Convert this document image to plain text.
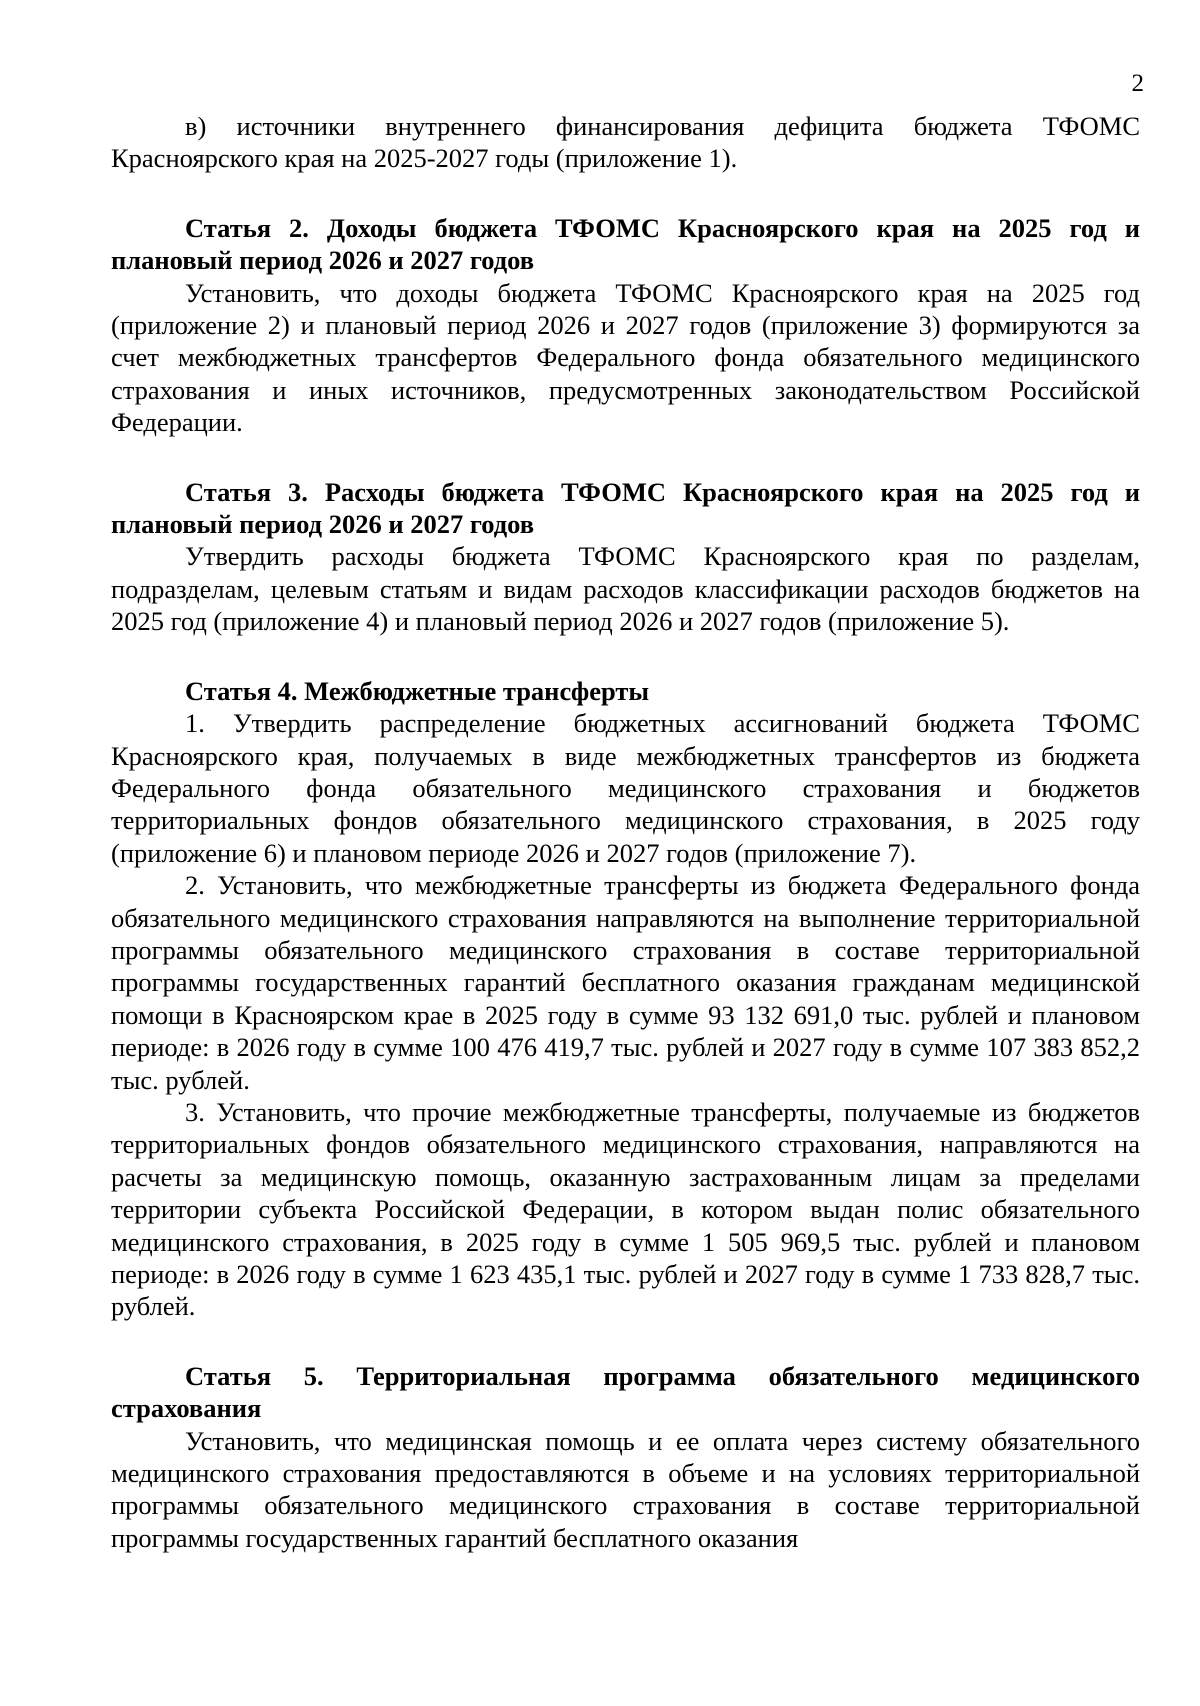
2

в) источники внутреннего финансирования дефицита бюджета ТФОМС Красноярского края на 2025-2027 годы (приложение 1).

Статья 2. Доходы бюджета ТФОМС Красноярского края на 2025 год и плановый период 2026 и 2027 годов

Установить, что доходы бюджета ТФОМС Красноярского края на 2025 год (приложение 2) и плановый период 2026 и 2027 годов (приложение 3) формируются за счет межбюджетных трансфертов Федерального фонда обязательного медицинского страхования и иных источников, предусмотренных законодательством Российской Федерации.

Статья 3. Расходы бюджета ТФОМС Красноярского края на 2025 год и плановый период 2026 и 2027 годов

Утвердить расходы бюджета ТФОМС Красноярского края по разделам, подразделам, целевым статьям и видам расходов классификации расходов бюджетов на 2025 год (приложение 4) и плановый период 2026 и 2027 годов (приложение 5).

Статья 4. Межбюджетные трансферты

1. Утвердить распределение бюджетных ассигнований бюджета ТФОМС Красноярского края, получаемых в виде межбюджетных трансфертов из бюджета Федерального фонда обязательного медицинского страхования и бюджетов территориальных фондов обязательного медицинского страхования, в 2025 году (приложение 6) и плановом периоде 2026 и 2027 годов (приложение 7).

2. Установить, что межбюджетные трансферты из бюджета Федерального фонда обязательного медицинского страхования направляются на выполнение территориальной программы обязательного медицинского страхования в составе территориальной программы государственных гарантий бесплатного оказания гражданам медицинской помощи в Красноярском крае в 2025 году в сумме 93 132 691,0 тыс. рублей и плановом периоде: в 2026 году в сумме 100 476 419,7 тыс. рублей и 2027 году в сумме 107 383 852,2 тыс. рублей.

3. Установить, что прочие межбюджетные трансферты, получаемые из бюджетов территориальных фондов обязательного медицинского страхования, направляются на расчеты за медицинскую помощь, оказанную застрахованным лицам за пределами территории субъекта Российской Федерации, в котором выдан полис обязательного медицинского страхования, в 2025 году в сумме 1 505 969,5 тыс. рублей и плановом периоде: в 2026 году в сумме 1 623 435,1 тыс. рублей и 2027 году в сумме 1 733 828,7 тыс. рублей.

Статья 5. Территориальная программа обязательного медицинского страхования

Установить, что медицинская помощь и ее оплата через систему обязательного медицинского страхования предоставляются в объеме и на условиях территориальной программы обязательного медицинского страхования в составе территориальной программы государственных гарантий бесплатного оказания
